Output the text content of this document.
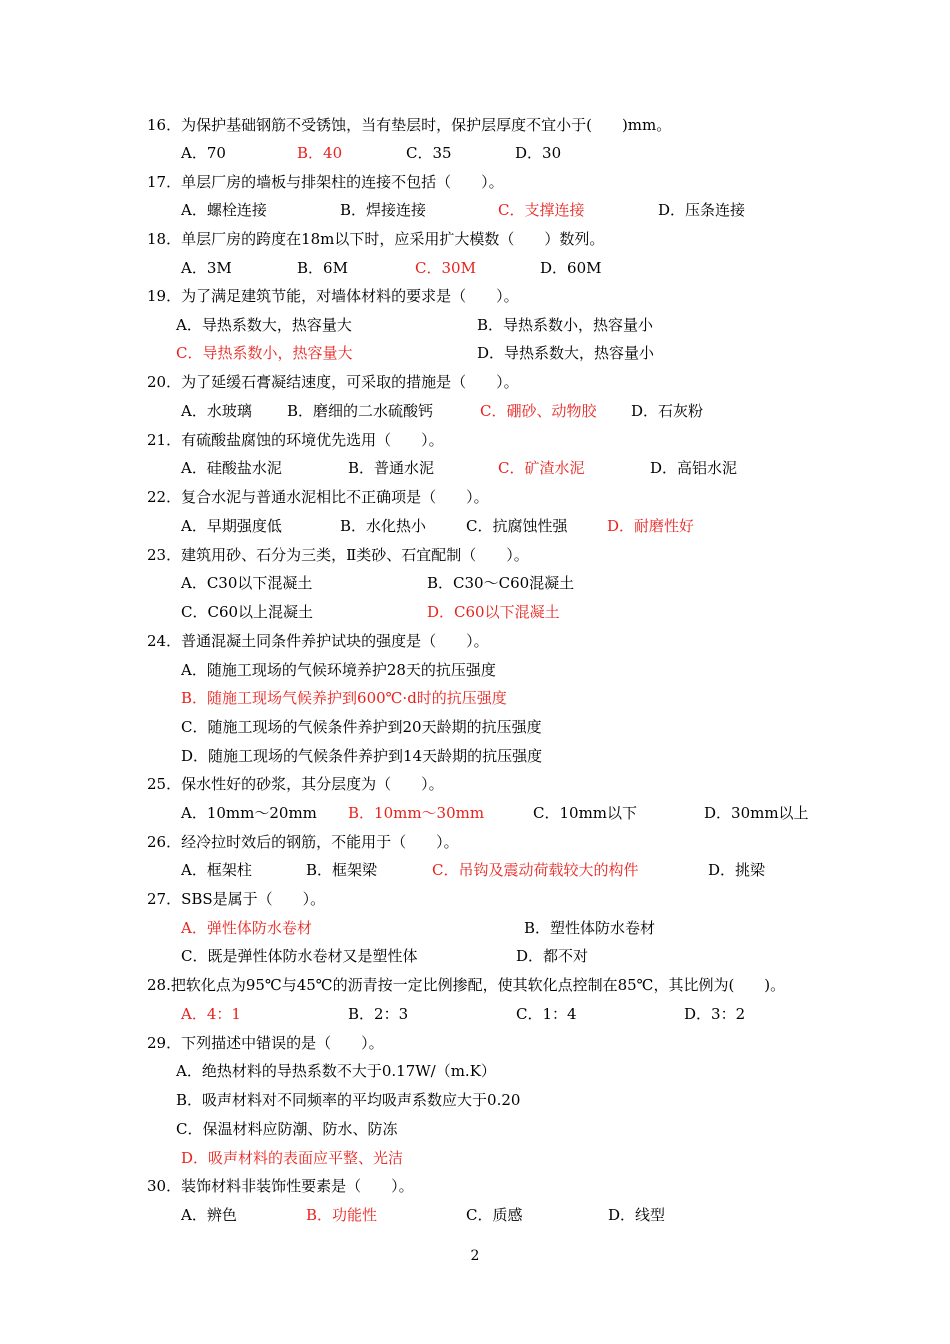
16．为保护基础钢筋不受锈蚀，当有垫层时，保护层厚度不宜小于(　　)mm。
A．70	B．40	C．35	D．30
17．单层厂房的墙板与排架柱的连接不包括（　　）。
A．螺栓连接	B．焊接连接	C．支撑连接	D．压条连接
18．单层厂房的跨度在18m以下时，应采用扩大模数（　　）数列。
A．3M	B．6M	C．30M	D．60M
19．为了满足建筑节能，对墙体材料的要求是（　　）。
A．导热系数大，热容量大	B．导热系数小，热容量小
C．导热系数小，热容量大	D．导热系数大，热容量小
20．为了延缓石膏凝结速度，可采取的措施是（　　）。
A．水玻璃 B．磨细的二水硫酸钙	C．硼砂、动物胶 D．石灰粉
21．有硫酸盐腐蚀的环境优先选用（　　）。
A．硅酸盐水泥	B．普通水泥	C．矿渣水泥	D．高铝水泥
22．复合水泥与普通水泥相比不正确项是（　　）。
A．早期强度低	B．水化热小	C．抗腐蚀性强	D．耐磨性好
23．建筑用砂、石分为三类，Ⅱ类砂、石宜配制（　　）。
A．C30以下混凝土	B．C30～C60混凝土
C．C60以上混凝土	D．C60以下混凝土
24．普通混凝土同条件养护试块的强度是（　　）。
A．随施工现场的气候环境养护28天的抗压强度
B．随施工现场气候养护到600℃·d时的抗压强度
C．随施工现场的气候条件养护到20天龄期的抗压强度
D．随施工现场的气候条件养护到14天龄期的抗压强度
25．保水性好的砂浆，其分层度为（　　）。
A．10mm～20mm B．10mm～30mm	C．10mm以下	D．30mm以上
26．经冷拉时效后的钢筋，不能用于（　　）。
A．框架柱	B．框架梁	C．吊钩及震动荷载较大的构件	D．挑梁
27．SBS是属于（　　）。
A．弹性体防水卷材	B．塑性体防水卷材
C．既是弹性体防水卷材又是塑性体	D．都不对
28.把软化点为95℃与45℃的沥青按一定比例掺配，使其软化点控制在85℃，其比例为(　　)。
A．4：1	B．2：3	C．1：4	D．3：2
29．下列描述中错误的是（　　）。
A．绝热材料的导热系数不大于0.17W/（m.K）
B．吸声材料对不同频率的平均吸声系数应大于0.20
C．保温材料应防潮、防水、防冻
D．吸声材料的表面应平整、光洁
30．装饰材料非装饰性要素是（　　）。
A．辨色	B．功能性	C．质感	D．线型
2
